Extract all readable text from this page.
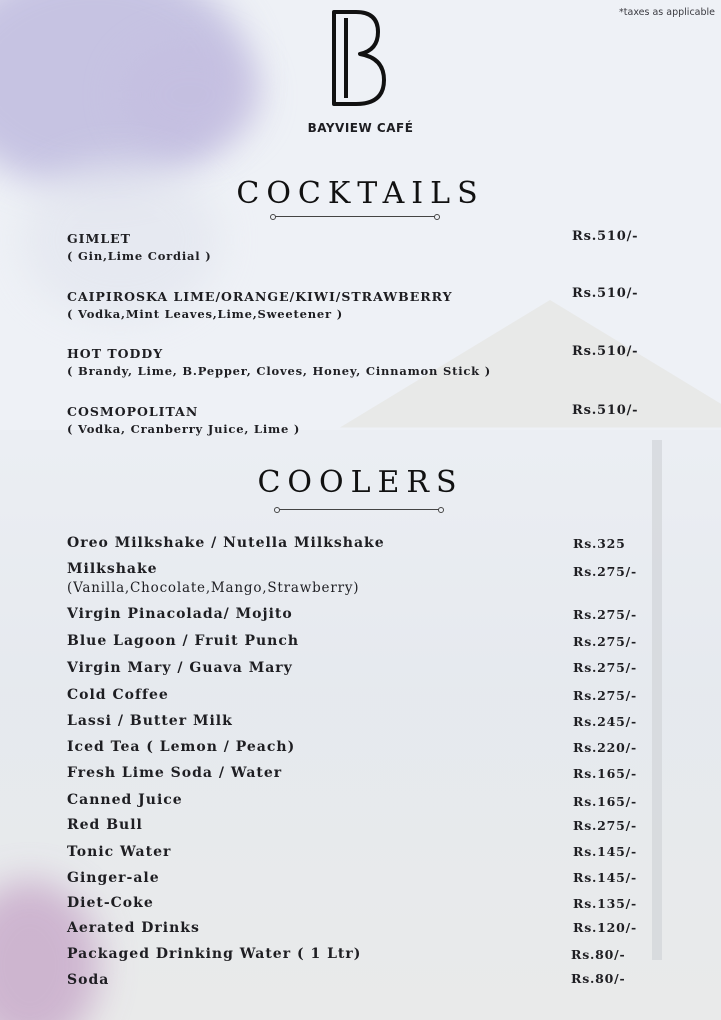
*taxes as applicable
BAYVIEW CAFÉ
COCKTAILS
GIMLET
( Gin,Lime Cordial )
Rs.510/-
CAIPIROSKA LIME/ORANGE/KIWI/STRAWBERRY
( Vodka,Mint Leaves,Lime,Sweetener )
Rs.510/-
HOT TODDY
( Brandy, Lime, B.Pepper, Cloves, Honey, Cinnamon Stick )
Rs.510/-
COSMOPOLITAN
( Vodka, Cranberry Juice, Lime )
Rs.510/-
COOLERS
Oreo Milkshake / Nutella Milkshake	Rs.325
Milkshake
(Vanilla,Chocolate,Mango,Strawberry)
Rs.275/-
Virgin Pinacolada/ Mojito	Rs.275/-
Blue Lagoon / Fruit Punch	Rs.275/-
Virgin Mary / Guava Mary	Rs.275/-
Cold Coffee	Rs.275/-
Lassi / Butter Milk	Rs.245/-
Iced Tea ( Lemon / Peach)	Rs.220/-
Fresh Lime Soda / Water	Rs.165/-
Canned Juice	Rs.165/-
Red Bull	Rs.275/-
Tonic Water	Rs.145/-
Ginger-ale	Rs.145/-
Diet-Coke	Rs.135/-
Aerated Drinks	Rs.120/-
Packaged Drinking Water ( 1 Ltr)	Rs.80/-
Soda	Rs.80/-
